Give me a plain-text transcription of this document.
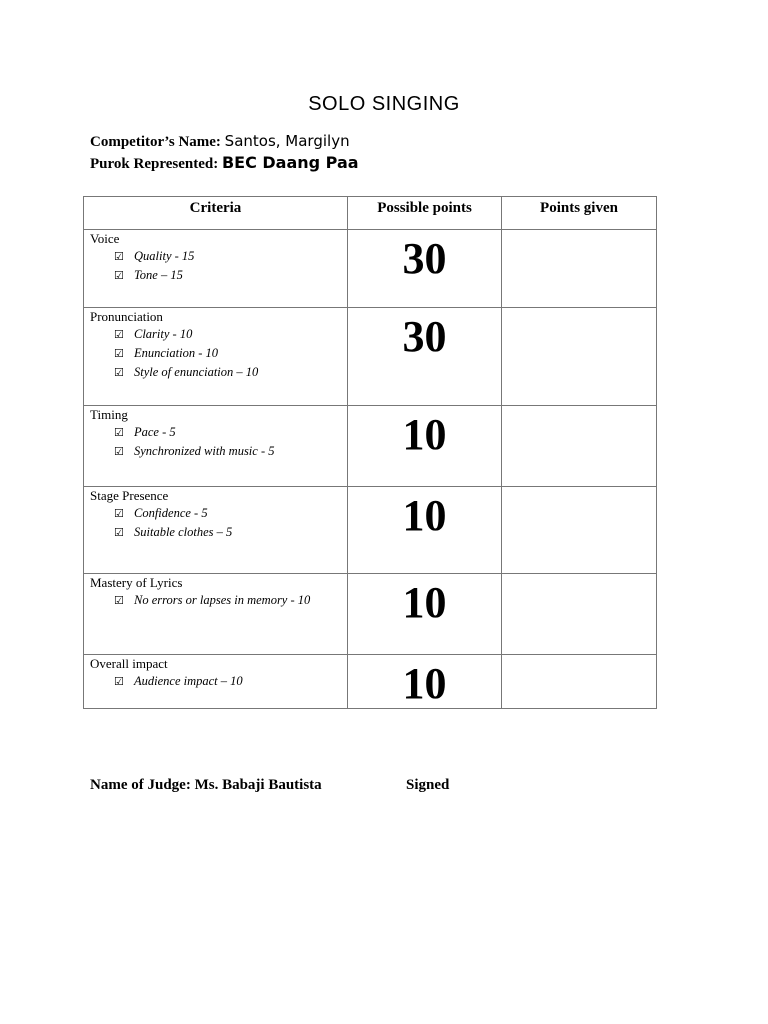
SOLO SINGING
Competitor’s Name: Santos, Margilyn
Purok Represented: BEC Daang Paa
Criteria	Possible points	Points given

Voice
☑ Quality - 15
☑ Tone – 15	30	

Pronunciation
☑ Clarity - 10
☑ Enunciation - 10
☑ Style of enunciation – 10	30	

Timing
☑ Pace - 5
☑ Synchronized with music - 5	10	

Stage Presence
☑ Confidence - 5
☑ Suitable clothes – 5	10	

Mastery of Lyrics
☑ No errors or lapses in memory - 10	10	

Overall impact
☑ Audience impact – 10	10	
Name of Judge: Ms. Babaji Bautista	Signed
